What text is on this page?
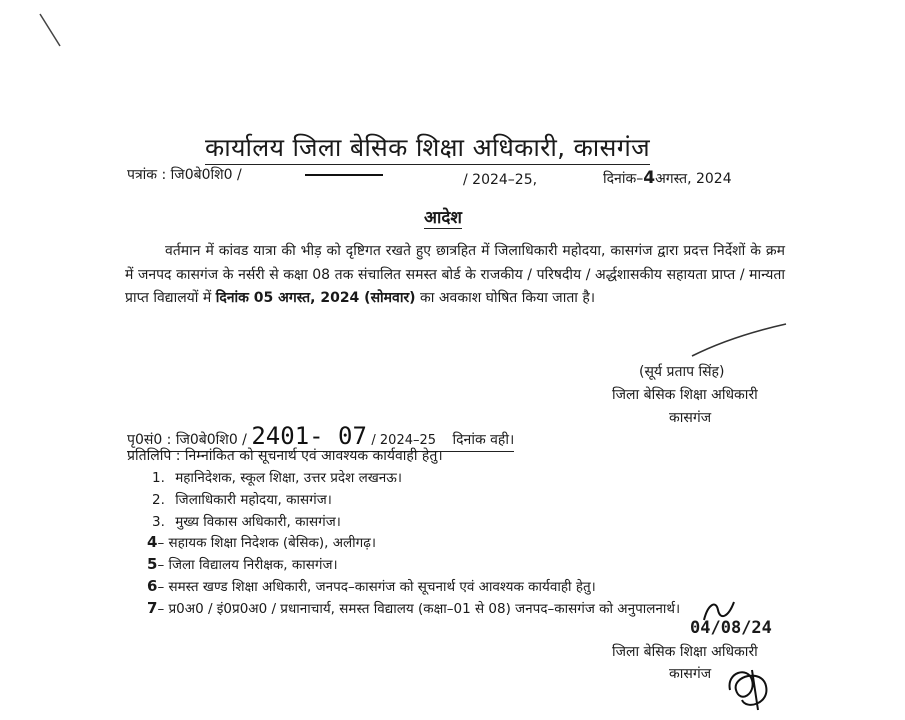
कार्यालय जिला बेसिक शिक्षा अधिकारी, कासगंज
पत्रांक : जि0बे0शि0 /	/ 2024–25,	दिनांक–4अगस्त, 2024
आदेश
वर्तमान में कांवड यात्रा की भीड़ को दृष्टिगत रखते हुए छात्रहित में जिलाधिकारी महोदया, कासगंज द्वारा प्रदत्त निर्देशों के क्रम में जनपद कासगंज के नर्सरी से कक्षा 08 तक संचालित समस्त बोर्ड के राजकीय / परिषदीय / अर्द्धशासकीय सहायता प्राप्त / मान्यता प्राप्त विद्यालयों में दिनांक 05 अगस्त, 2024 (सोमवार) का अवकाश घोषित किया जाता है।
(सूर्य प्रताप सिंह)
जिला बेसिक शिक्षा अधिकारी
कासगंज
पृ0सं0 : जि0बे0शि0 / 2401- 07 / 2024–25 दिनांक वही।
प्रतिलिपि : निम्नांकित को सूचनार्थ एवं आवश्यक कार्यवाही हेतु।
1. महानिदेशक, स्कूल शिक्षा, उत्तर प्रदेश लखनऊ।
2. जिलाधिकारी महोदया, कासगंज।
3. मुख्य विकास अधिकारी, कासगंज।
4– सहायक शिक्षा निदेशक (बेसिक), अलीगढ़।
5– जिला विद्यालय निरीक्षक, कासगंज।
6– समस्त खण्ड शिक्षा अधिकारी, जनपद–कासगंज को सूचनार्थ एवं आवश्यक कार्यवाही हेतु।
7– प्र0अ0 / इं0प्र0अ0 / प्रधानाचार्य, समस्त विद्यालय (कक्षा–01 से 08) जनपद–कासगंज को अनुपालनार्थ।
04/08/24
जिला बेसिक शिक्षा अधिकारी
कासगंज
